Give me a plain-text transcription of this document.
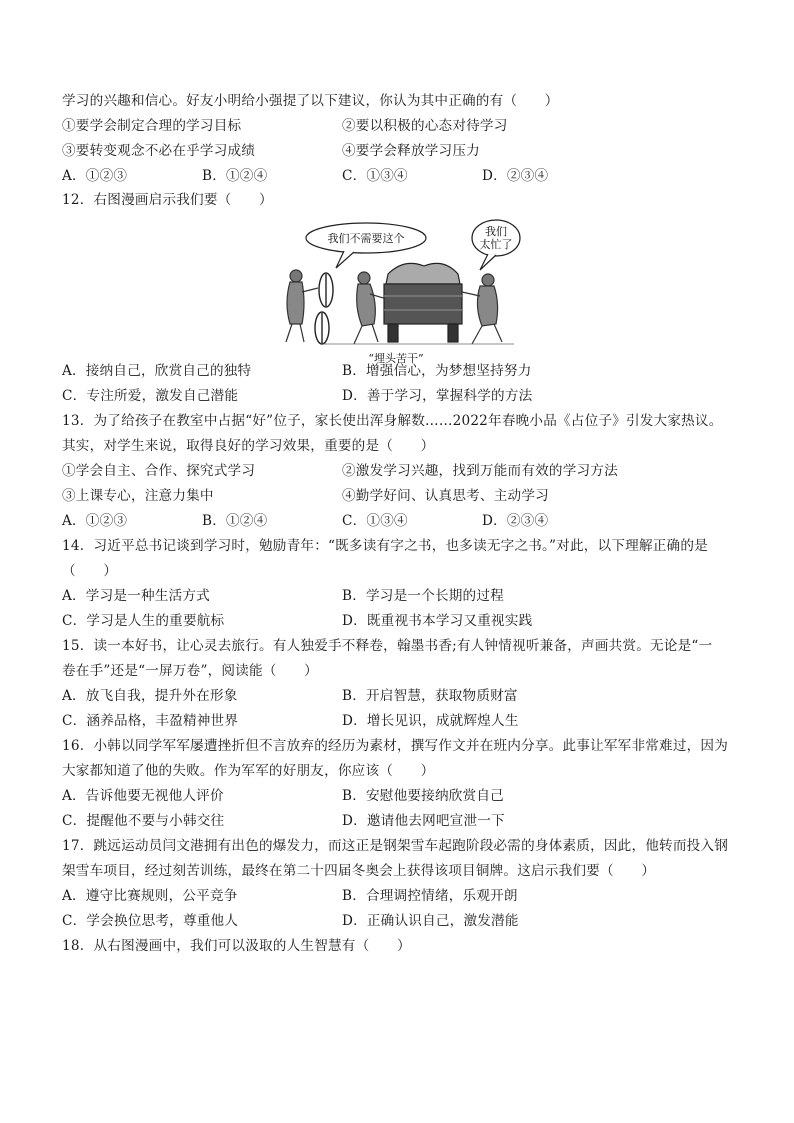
学习的兴趣和信心。好友小明给小强提了以下建议，你认为其中正确的有（　　）
①要学会制定合理的学习目标	②要以积极的心态对待学习
③要转变观念不必在乎学习成绩	④要学会释放学习压力
A．①②③	B．①②④	C．①③④	D．②③④
12．右图漫画启示我们要（　　）
我们不需要这个
我们
太忙了
“埋头苦干”
A．接纳自己，欣赏自己的独特	B．增强信心，为梦想坚持努力
C．专注所爱，激发自己潜能	D．善于学习，掌握科学的方法
13．为了给孩子在教室中占据“好”位子，家长使出浑身解数……2022年春晚小品《占位子》引发大家热议。
其实，对学生来说，取得良好的学习效果，重要的是（　　）
①学会自主、合作、探究式学习	②激发学习兴趣，找到万能而有效的学习方法
③上课专心，注意力集中	④勤学好问、认真思考、主动学习
A．①②③	B．①②④	C．①③④	D．②③④
14．习近平总书记谈到学习时，勉励青年：“既多读有字之书，也多读无字之书。”对此，以下理解正确的是
（　　）
A．学习是一种生活方式	B．学习是一个长期的过程
C．学习是人生的重要航标	D．既重视书本学习又重视实践
15．读一本好书，让心灵去旅行。有人独爱手不释卷，翰墨书香;有人钟情视听兼备，声画共赏。无论是“一
卷在手”还是“一屏万卷”，阅读能（　　）
A．放飞自我，提升外在形象	B．开启智慧，获取物质财富
C．涵养品格，丰盈精神世界	D．增长见识，成就辉煌人生
16．小韩以同学军军屡遭挫折但不言放弃的经历为素材，撰写作文并在班内分享。此事让军军非常难过，因为
大家都知道了他的失败。作为军军的好朋友，你应该（　　）
A．告诉他要无视他人评价	B．安慰他要接纳欣赏自己
C．提醒他不要与小韩交往	D．邀请他去网吧宣泄一下
17．跳远运动员闫文港拥有出色的爆发力，而这正是钢架雪车起跑阶段必需的身体素质，因此，他转而投入钢
架雪车项目，经过刻苦训练，最终在第二十四届冬奥会上获得该项目铜牌。这启示我们要（　　）
A．遵守比赛规则，公平竞争	B．合理调控情绪，乐观开朗
C．学会换位思考，尊重他人	D．正确认识自己，激发潜能
18．从右图漫画中，我们可以汲取的人生智慧有（　　）
